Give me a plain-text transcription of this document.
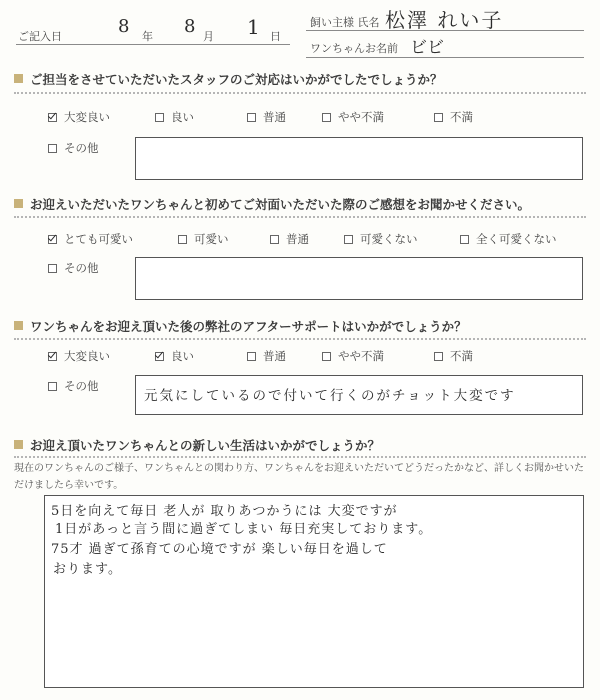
ご記入日	8 年 8 月 1 日
飼い主様 氏名 松澤 れい子
ワンちゃんお名前 ビビ
ご担当をさせていただいたスタッフのご対応はいかがでしたでしょうか？
大変良い	良い	普通	やや不満	不満
その他
お迎えいただいたワンちゃんと初めてご対面いただいた際のご感想をお聞かせください。
とても可愛い	可愛い	普通	可愛くない	全く可愛くない
その他
ワンちゃんをお迎え頂いた後の弊社のアフターサポートはいかがでしょうか？
大変良い	良い	普通	やや不満	不満
その他
元気にしているので付いて行くのがチョット大変です
お迎え頂いたワンちゃんとの新しい生活はいかがでしょうか？
現在のワンちゃんのご様子、ワンちゃんとの関わり方、ワンちゃんをお迎えいただいてどうだったかなど、詳しくお聞かせいただけましたら幸いです。
5日を向えて毎日 老人が 取りあつかうには 大変ですが
1日があっと言う間に過ぎてしまい 毎日充実しております。
75才 過ぎて孫育ての心境ですが 楽しい毎日を過して
おります。
